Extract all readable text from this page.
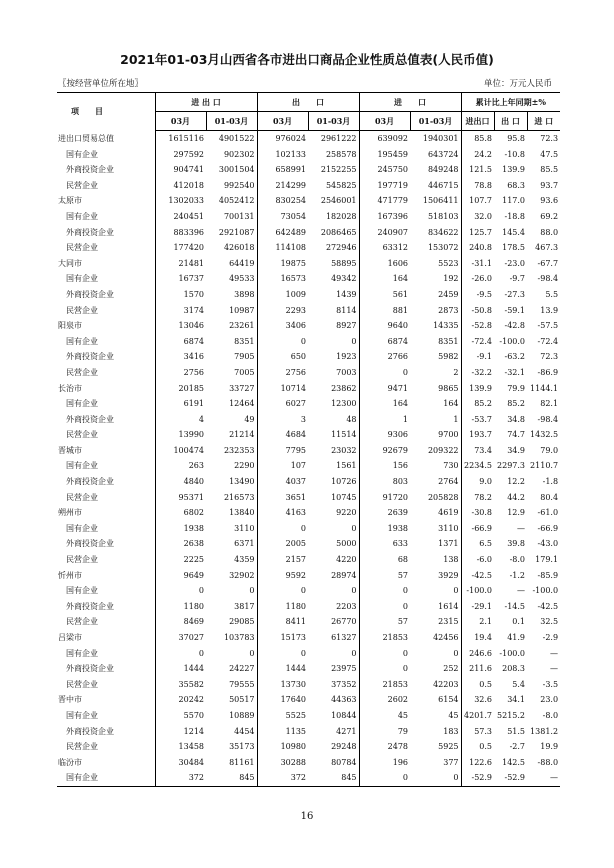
2021年01-03月山西省各市进出口商品企业性质总值表(人民币值)
〖按经营单位所在地〗	单位：万元人民币
项　　目	进 出 口		出　　口		进　　口		累计比上年同期±%		
	03月	01-03月	03月	01-03月	03月	01-03月	进出口	出 口	进 口
进出口贸易总值	1615116	4901522	976024	2961222	639092	1940301	85.8	95.8	72.3
国有企业	297592	902302	102133	258578	195459	643724	24.2	-10.8	47.5
外商投资企业	904741	3001504	658991	2152255	245750	849248	121.5	139.9	85.5
民营企业	412018	992540	214299	545825	197719	446715	78.8	68.3	93.7
太原市	1302033	4052412	830254	2546001	471779	1506411	107.7	117.0	93.6
国有企业	240451	700131	73054	182028	167396	518103	32.0	-18.8	69.2
外商投资企业	883396	2921087	642489	2086465	240907	834622	125.7	145.4	88.0
民营企业	177420	426018	114108	272946	63312	153072	240.8	178.5	467.3
大同市	21481	64419	19875	58895	1606	5523	-31.1	-23.0	-67.7
国有企业	16737	49533	16573	49342	164	192	-26.0	-9.7	-98.4
外商投资企业	1570	3898	1009	1439	561	2459	-9.5	-27.3	5.5
民营企业	3174	10987	2293	8114	881	2873	-50.8	-59.1	13.9
阳泉市	13046	23261	3406	8927	9640	14335	-52.8	-42.8	-57.5
国有企业	6874	8351	0	0	6874	8351	-72.4	-100.0	-72.4
外商投资企业	3416	7905	650	1923	2766	5982	-9.1	-63.2	72.3
民营企业	2756	7005	2756	7003	0	2	-32.2	-32.1	-86.9
长治市	20185	33727	10714	23862	9471	9865	139.9	79.9	1144.1
国有企业	6191	12464	6027	12300	164	164	85.2	85.2	82.1
外商投资企业	4	49	3	48	1	1	-53.7	34.8	-98.4
民营企业	13990	21214	4684	11514	9306	9700	193.7	74.7	1432.5
晋城市	100474	232353	7795	23032	92679	209322	73.4	34.9	79.0
国有企业	263	2290	107	1561	156	730	2234.5	2297.3	2110.7
外商投资企业	4840	13490	4037	10726	803	2764	9.0	12.2	-1.8
民营企业	95371	216573	3651	10745	91720	205828	78.2	44.2	80.4
朔州市	6802	13840	4163	9220	2639	4619	-30.8	12.9	-61.0
国有企业	1938	3110	0	0	1938	3110	-66.9	—	-66.9
外商投资企业	2638	6371	2005	5000	633	1371	6.5	39.8	-43.0
民营企业	2225	4359	2157	4220	68	138	-6.0	-8.0	179.1
忻州市	9649	32902	9592	28974	57	3929	-42.5	-1.2	-85.9
国有企业	0	0	0	0	0	0	-100.0	—	-100.0
外商投资企业	1180	3817	1180	2203	0	1614	-29.1	-14.5	-42.5
民营企业	8469	29085	8411	26770	57	2315	2.1	0.1	32.5
吕梁市	37027	103783	15173	61327	21853	42456	19.4	41.9	-2.9
国有企业	0	0	0	0	0	0	246.6	-100.0	—
外商投资企业	1444	24227	1444	23975	0	252	211.6	208.3	—
民营企业	35582	79555	13730	37352	21853	42203	0.5	5.4	-3.5
晋中市	20242	50517	17640	44363	2602	6154	32.6	34.1	23.0
国有企业	5570	10889	5525	10844	45	45	4201.7	5215.2	-8.0
外商投资企业	1214	4454	1135	4271	79	183	57.3	51.5	1381.2
民营企业	13458	35173	10980	29248	2478	5925	0.5	-2.7	19.9
临汾市	30484	81161	30288	80784	196	377	122.6	142.5	-88.0
国有企业	372	845	372	845	0	0	-52.9	-52.9	—
16
